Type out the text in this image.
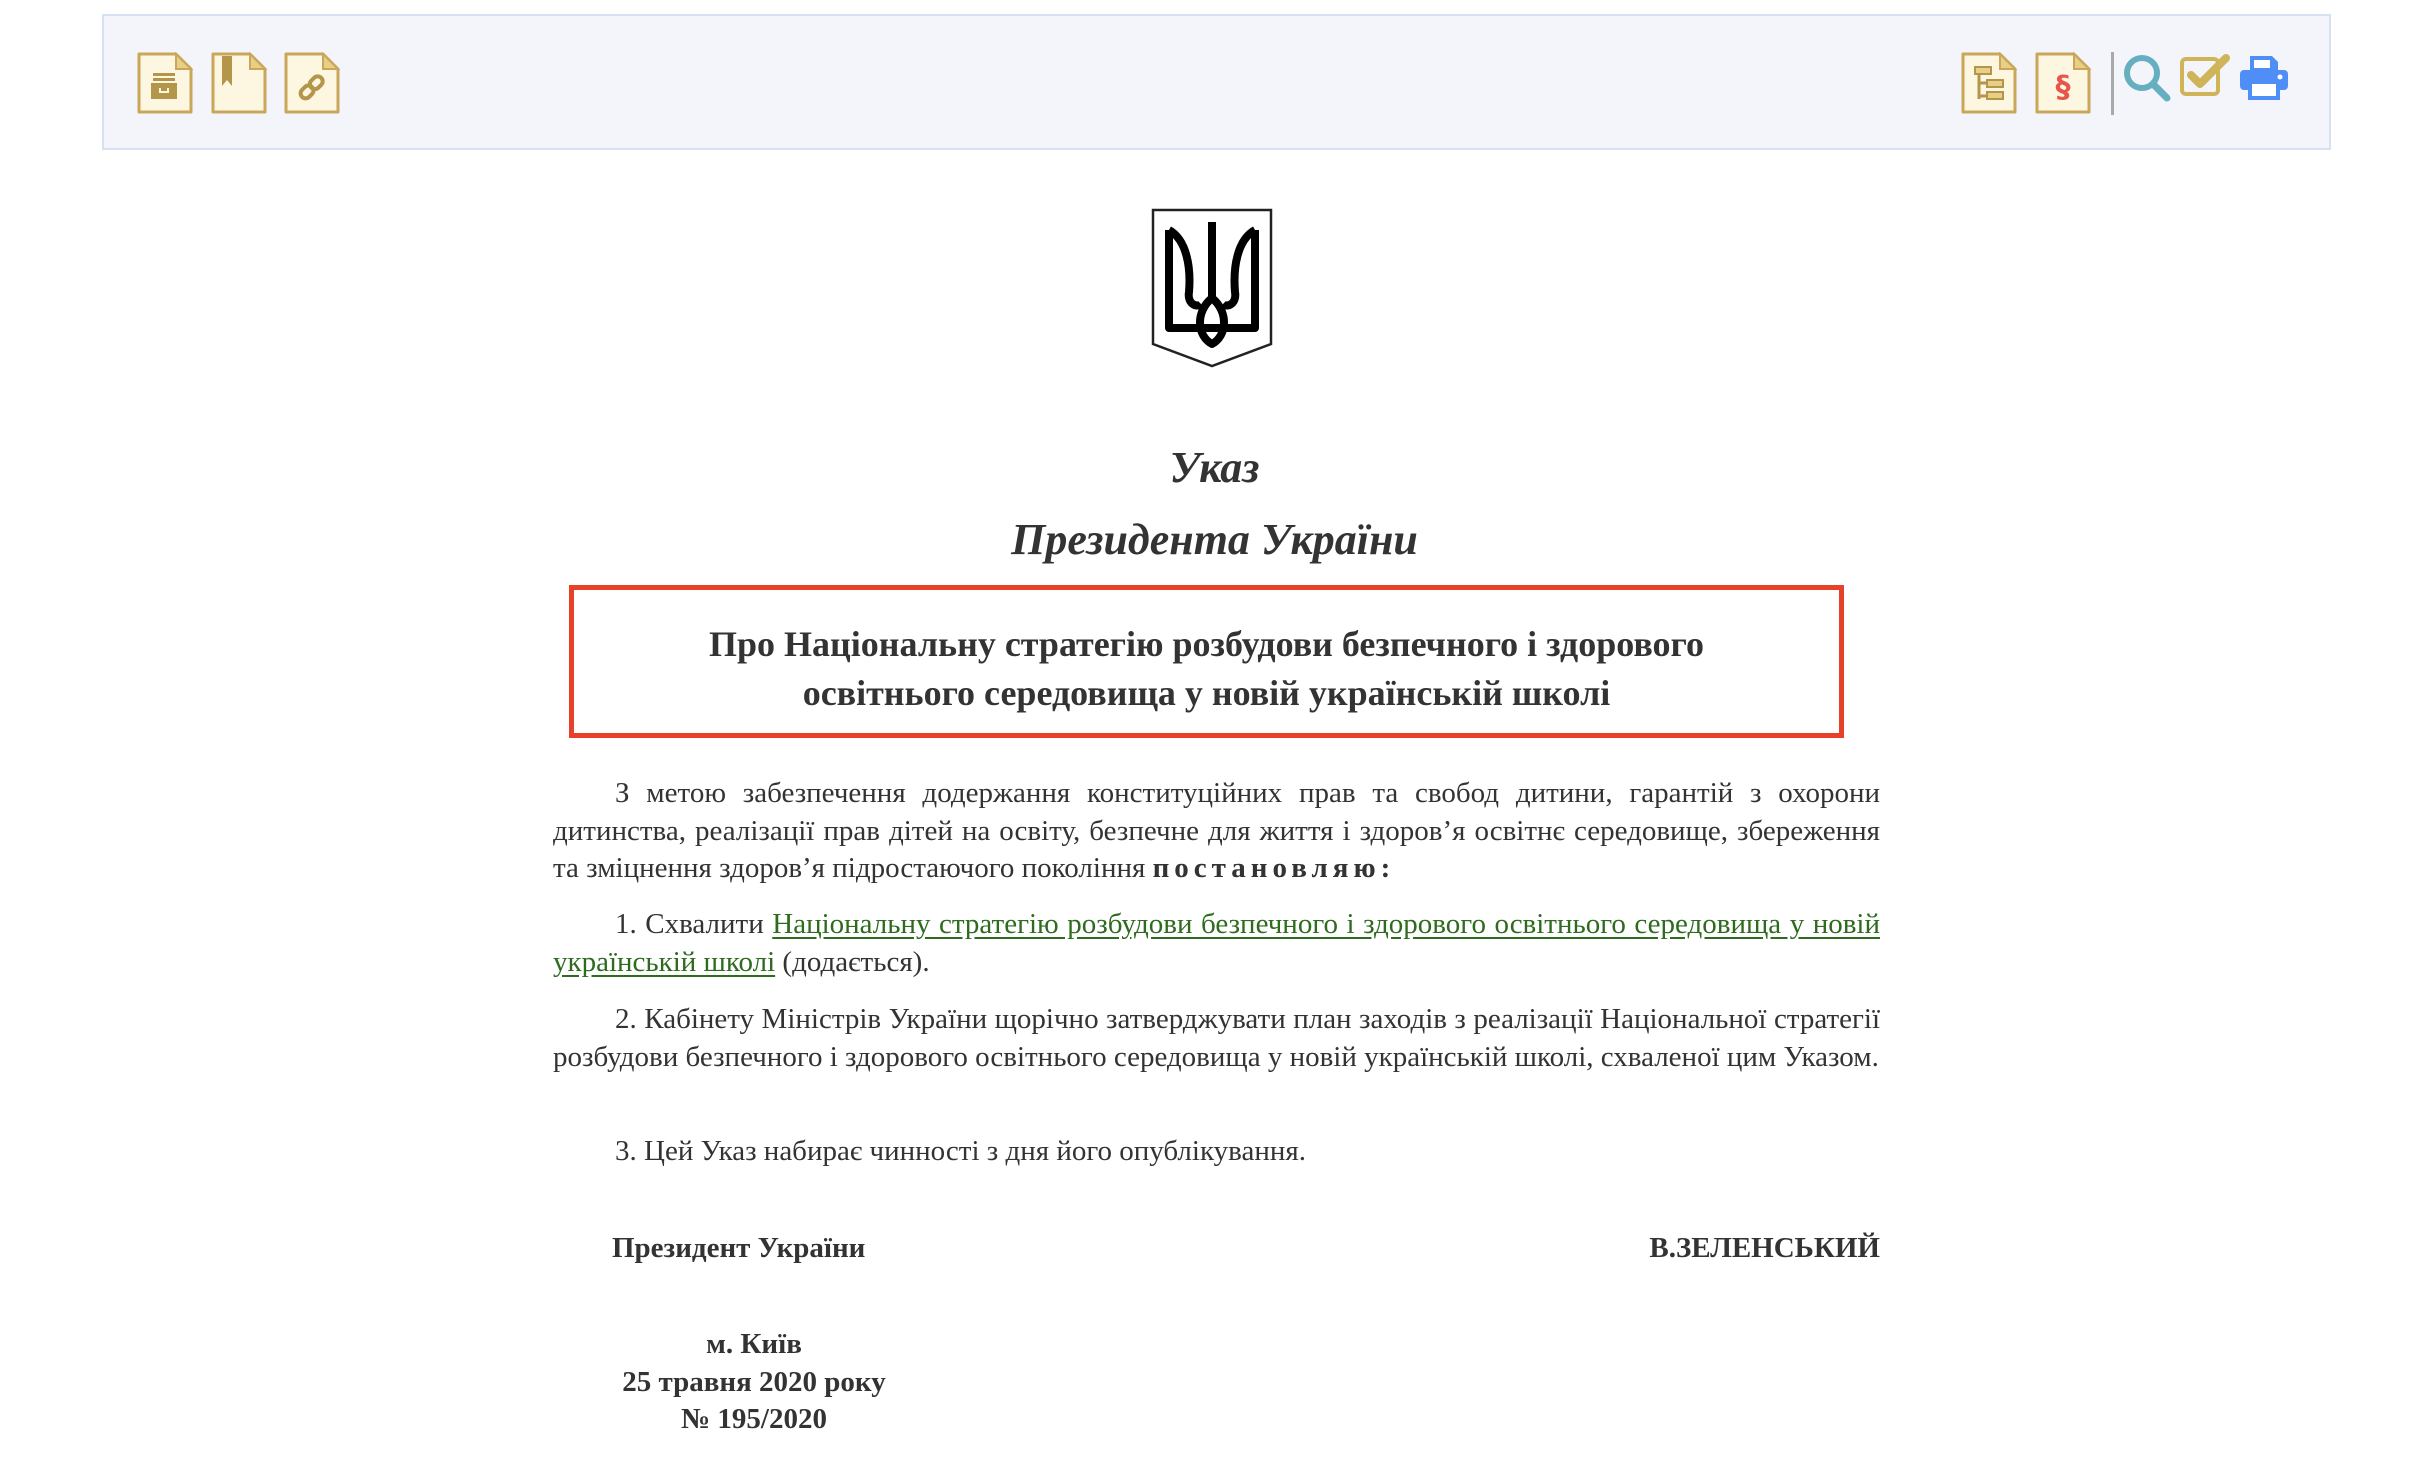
§
Указ
Президента України
Про Національну стратегію розбудови безпечного і здорового
освітнього середовища у новій українській школі

З метою забезпечення додержання конституційних прав та свобод дитини, гарантій з охорони дитинства, реалізації прав дітей на освіту, безпечне для життя і здоров’я освітнє середовище, збереження та зміцнення здоров’я підростаючого покоління постановляю:

1. Схвалити Національну стратегію розбудови безпечного і здорового освітнього середовища у новій українській школі (додається).

2. Кабінету Міністрів України щорічно затверджувати план заходів з реалізації Національної стратегії розбудови безпечного і здорового освітнього середовища у новій українській школі, схваленої цим Указом.

3. Цей Указ набирає чинності з дня його опублікування.

Президент України	В.ЗЕЛЕНСЬКИЙ
м. Київ
25 травня 2020 року
№ 195/2020
